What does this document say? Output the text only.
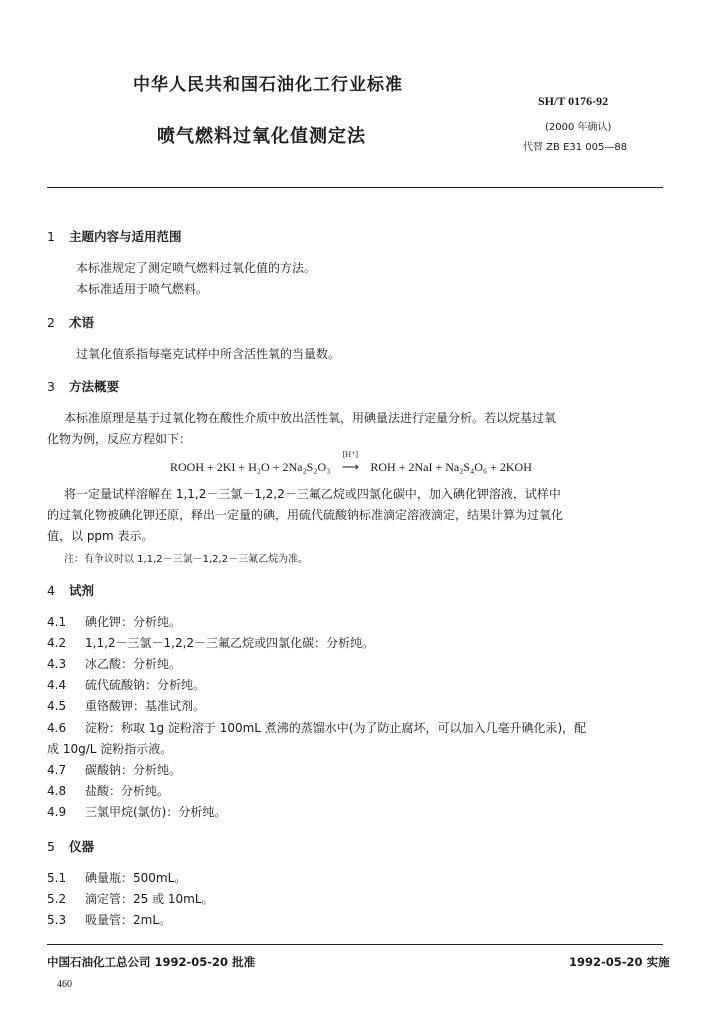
中华人民共和国石油化工行业标准
SH/T 0176-92
(2000 年确认)
喷气燃料过氧化值测定法
代替 ZB E31 005—88
1 主题内容与适用范围
本标准规定了测定喷气燃料过氧化值的方法。
本标准适用于喷气燃料。
2 术语
过氧化值系指每毫克试样中所含活性氧的当量数。
3 方法概要
本标准原理是基于过氧化物在酸性介质中放出活性氧，用碘量法进行定量分析。若以烷基过氧
化物为例，反应方程如下：
ROOH + 2KI + H₂O + 2Na₂S₂O₃
[H⁺]
⟶ ROH + 2NaI + Na₂S₄O₆ + 2KOH
将一定量试样溶解在 1,1,2－三氯－1,2,2－三氟乙烷或四氯化碳中，加入碘化钾溶液，试样中
的过氧化物被碘化钾还原，释出一定量的碘，用硫代硫酸钠标准滴定溶液滴定，结果计算为过氧化
值，以 ppm 表示。
注：有争议时以 1,1,2－三氯－1,2,2－三氟乙烷为准。
4 试剂
4.1 碘化钾：分析纯。
4.2 1,1,2－三氯－1,2,2－三氟乙烷或四氯化碳：分析纯。
4.3 冰乙酸：分析纯。
4.4 硫代硫酸钠：分析纯。
4.5 重铬酸钾：基准试剂。
4.6 淀粉：称取 1g 淀粉溶于 100mL 煮沸的蒸馏水中(为了防止腐坏，可以加入几毫升碘化汞)，配
成 10g/L 淀粉指示液。
4.7 碳酸钠：分析纯。
4.8 盐酸：分析纯。
4.9 三氯甲烷(氯仿)：分析纯。
5 仪器
5.1 碘量瓶：500mL。
5.2 滴定管：25 或 10mL。
5.3 吸量管：2mL。
中国石油化工总公司 1992-05-20 批准	1992-05-20 实施
460
